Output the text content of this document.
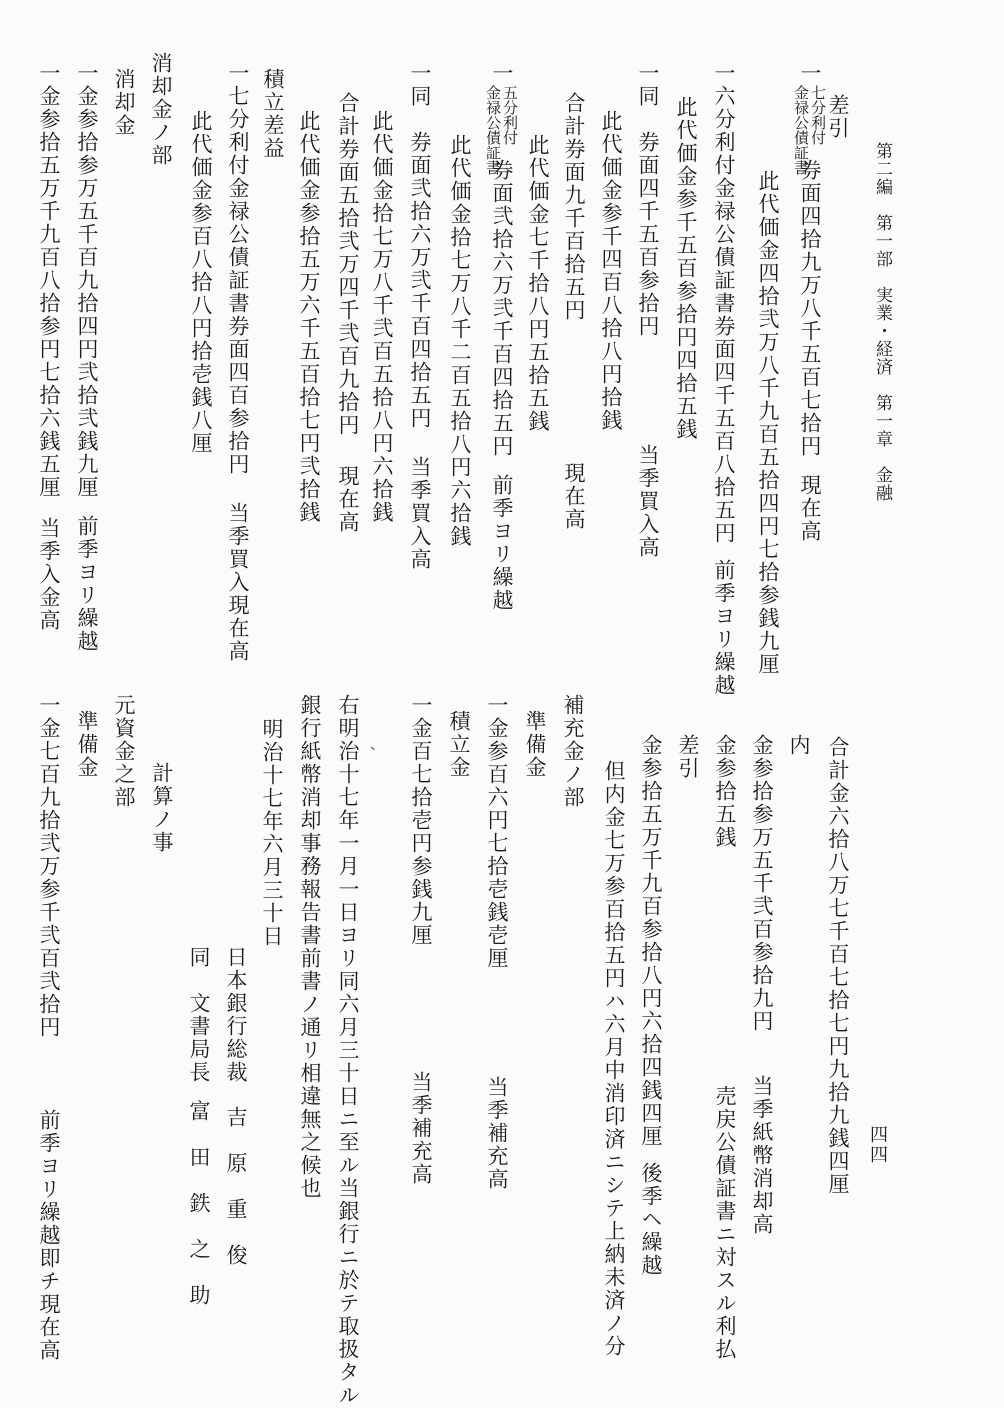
第二編　第一部　実業・経済　第一章　金融
四四
差引
一
七分利付
金禄公債証書
券面四拾九万八千五百七拾円現在高
此代価金四拾弐万八千九百五拾四円七拾参銭九厘
一六分利付金禄公債証書券面四千五百八拾五円前季ヨリ繰越
此代価金参千五百参拾円四拾五銭
一同　券面四千五百参拾円当季買入高
此代価金参千四百八拾八円拾銭
合計券面九千百拾五円現在高
此代価金七千拾八円五拾五銭
一
五分利付
金禄公債証書
券面弐拾六万弐千百四拾五円前季ヨリ繰越
此代価金拾七万八千二百五拾八円六拾銭
一同　券面弐拾六万弐千百四拾五円当季買入高
此代価金拾七万八千弐百五拾八円六拾銭
合計券面五拾弐万四千弐百九拾円現在高
此代価金参拾五万六千五百拾七円弐拾銭
積立差益
一七分利付金禄公債証書券面四百参拾円当季買入現在高
此代価金参百八拾八円拾壱銭八厘
消却金ノ部
消却金
一金参拾参万五千百九拾四円弐拾弐銭九厘前季ヨリ繰越
一金参拾五万千九百八拾参円七拾六銭五厘当季入金高
合計金六拾八万七千百七拾七円九拾九銭四厘
内
金参拾参万五千弐百参拾九円当季紙幣消却高
金参拾五銭売戻公債証書ニ対スル利払
差引
金参拾五万千九百参拾八円六拾四銭四厘後季ヘ繰越
但内金七万参百拾五円ハ六月中消印済ニシテ上納未済ノ分
補充金ノ部
準備金
一金参百六円七拾壱銭壱厘当季補充高
積立金
一金百七拾壱円参銭九厘当季補充高
ˎ
右明治十七年一月一日ヨリ同六月三十日ニ至ル当銀行ニ於テ取扱タル
銀行紙幣消却事務報告書前書ノ通リ相違無之候也
明治十七年六月三十日
日本銀行総裁吉　原　重　俊
同　文書局長富　田　鉄　之　助
計算ノ事
元資金之部
準備金
一金七百九拾弐万参千弐百弐拾円前季ヨリ繰越即チ現在高
